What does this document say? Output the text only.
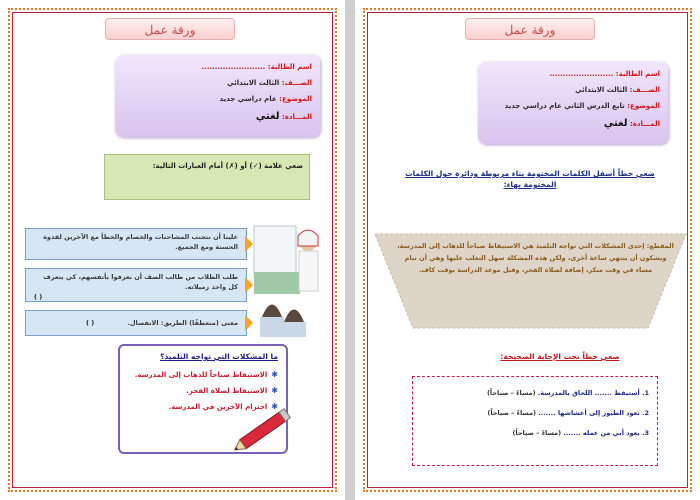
ورقة عمل
اسم الطالبة: ........................
الصـــف: الثالث الابتدائي
الموضوع: عام دراسي جديد
المـــادة: لغتي
ضعي علامة (✓) أو (✗) أمام العبارات التالية:
علينا أن نتجنب المشاحنات والخصام والخطأ مع الآخرين لقدوة الحسنة ومع الجميع.
طلب الطلاب من طالب الصف أن نعرفوا بأنفسهم، كي يتعرف كل واحد زميلاته.
( )
معنى (منعطفًا) الطريق: الانفصال.
( )
ما المشكلات التي تواجه التلميذ؟
✱الاستيقاظ صباحاً للذهاب إلى المدرسة.
✱الاستيقاظ لصلاة الفجر.
✱احترام الآخرين في المدرسة.
ورقة عمل
اسم الطالبة: ........................
الصـــف: الثالث الابتدائي
الموضوع: تابع الدرس الثاني عام دراسي جديد
المـــادة: لغتي
ضعي خطاً أسفل الكلمات المختومة بتاء مربوطة ودائرة حول الكلمات المختومة بهاء:
المقطع: إحدى المشكلات التي تواجه التلميذ هي الاستيقاظ صباحاً للذهاب إلى المدرسة، ويشكون أن ينتهي ساعة أخرى، ولكن هذه المشكلة سهل التغلب عليها وهي أن ننام مساء في وقت مبكر، إضافة لصلاة الفجر، وقبل موعد الدراسة بوقت كاف.
ضعي خطاً تحت الإجابة الصحيحة:
1. أستيقظ ....... اللحاق بالمدرسة. (مساءً – صباحاً)
2. تعود الطيور إلى أعشاشها ....... (مساءً – صباحاً)
3. يعود أبي من عمله ....... (مساءً – صباحاً)
